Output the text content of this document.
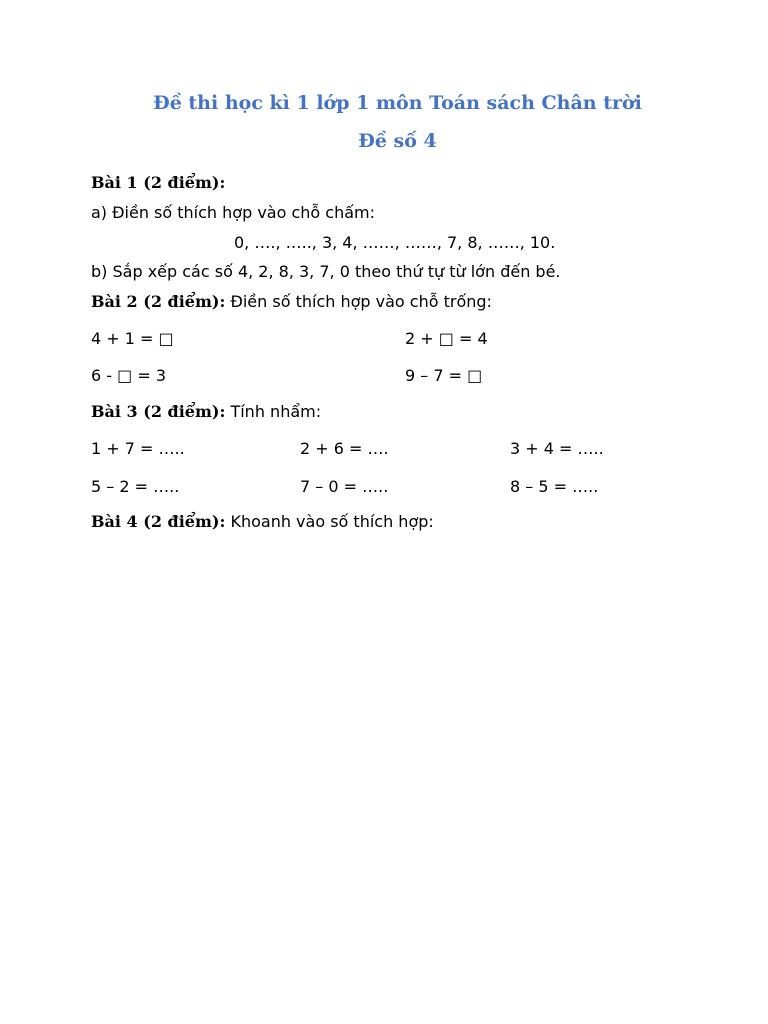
Đề thi học kì 1 lớp 1 môn Toán sách Chân trời
Đề số 4
Bài 1 (2 điểm):
a) Điền số thích hợp vào chỗ chấm:
0, …., ….., 3, 4, ……, ……, 7, 8, ……, 10.
b) Sắp xếp các số 4, 2, 8, 3, 7, 0 theo thứ tự từ lớn đến bé.
Bài 2 (2 điểm): Điền số thích hợp vào chỗ trống:
4 + 1 = □	2 + □ = 4
6 - □ = 3	9 – 7 = □
Bài 3 (2 điểm): Tính nhẩm:
1 + 7 = …..	2 + 6 = ….	3 + 4 = …..
5 – 2 = …..	7 – 0 = …..	8 – 5 = …..
Bài 4 (2 điểm): Khoanh vào số thích hợp:
